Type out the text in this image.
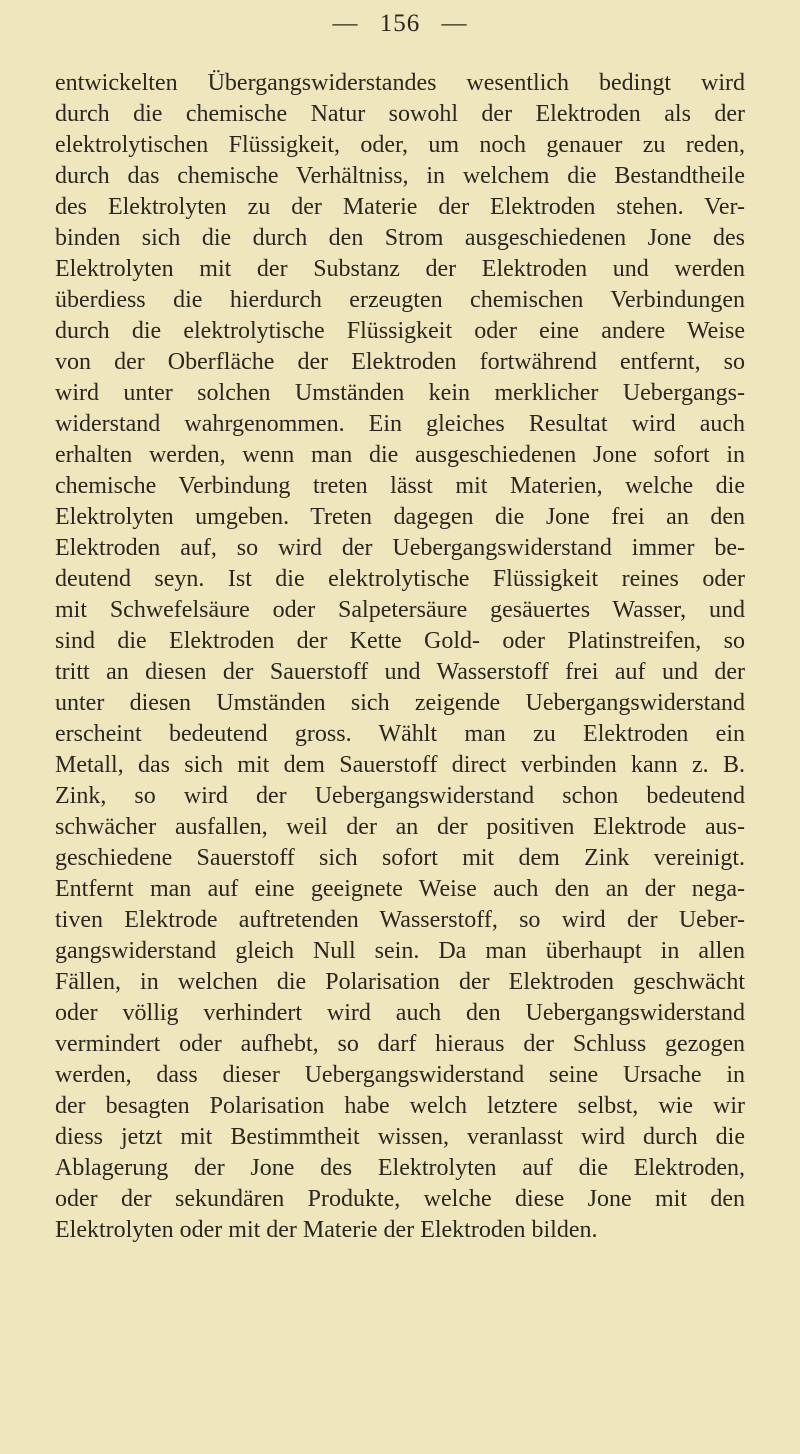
— 156 —
entwickelten Übergangswiderstandes wesentlich bedingt wird
durch die chemische Natur sowohl der Elektroden als der
elektrolytischen Flüssigkeit, oder, um noch genauer zu reden,
durch das chemische Verhältniss, in welchem die Bestandtheile
des Elektrolyten zu der Materie der Elektroden stehen. Ver-
binden sich die durch den Strom ausgeschiedenen Jone des
Elektrolyten mit der Substanz der Elektroden und werden
überdiess die hierdurch erzeugten chemischen Verbindungen
durch die elektrolytische Flüssigkeit oder eine andere Weise
von der Oberfläche der Elektroden fortwährend entfernt, so
wird unter solchen Umständen kein merklicher Uebergangs-
widerstand wahrgenommen. Ein gleiches Resultat wird auch
erhalten werden, wenn man die ausgeschiedenen Jone sofort in
chemische Verbindung treten lässt mit Materien, welche die
Elektrolyten umgeben. Treten dagegen die Jone frei an den
Elektroden auf, so wird der Uebergangswiderstand immer be-
deutend seyn. Ist die elektrolytische Flüssigkeit reines oder
mit Schwefelsäure oder Salpetersäure gesäuertes Wasser, und
sind die Elektroden der Kette Gold- oder Platinstreifen, so
tritt an diesen der Sauerstoff und Wasserstoff frei auf und der
unter diesen Umständen sich zeigende Uebergangswiderstand
erscheint bedeutend gross. Wählt man zu Elektroden ein
Metall, das sich mit dem Sauerstoff direct verbinden kann z. B.
Zink, so wird der Uebergangswiderstand schon bedeutend
schwächer ausfallen, weil der an der positiven Elektrode aus-
geschiedene Sauerstoff sich sofort mit dem Zink vereinigt.
Entfernt man auf eine geeignete Weise auch den an der nega-
tiven Elektrode auftretenden Wasserstoff, so wird der Ueber-
gangswiderstand gleich Null sein. Da man überhaupt in allen
Fällen, in welchen die Polarisation der Elektroden geschwächt
oder völlig verhindert wird auch den Uebergangswiderstand
vermindert oder aufhebt, so darf hieraus der Schluss gezogen
werden, dass dieser Uebergangswiderstand seine Ursache in
der besagten Polarisation habe welch letztere selbst, wie wir
diess jetzt mit Bestimmtheit wissen, veranlasst wird durch die
Ablagerung der Jone des Elektrolyten auf die Elektroden,
oder der sekundären Produkte, welche diese Jone mit den
Elektrolyten oder mit der Materie der Elektroden bilden.
